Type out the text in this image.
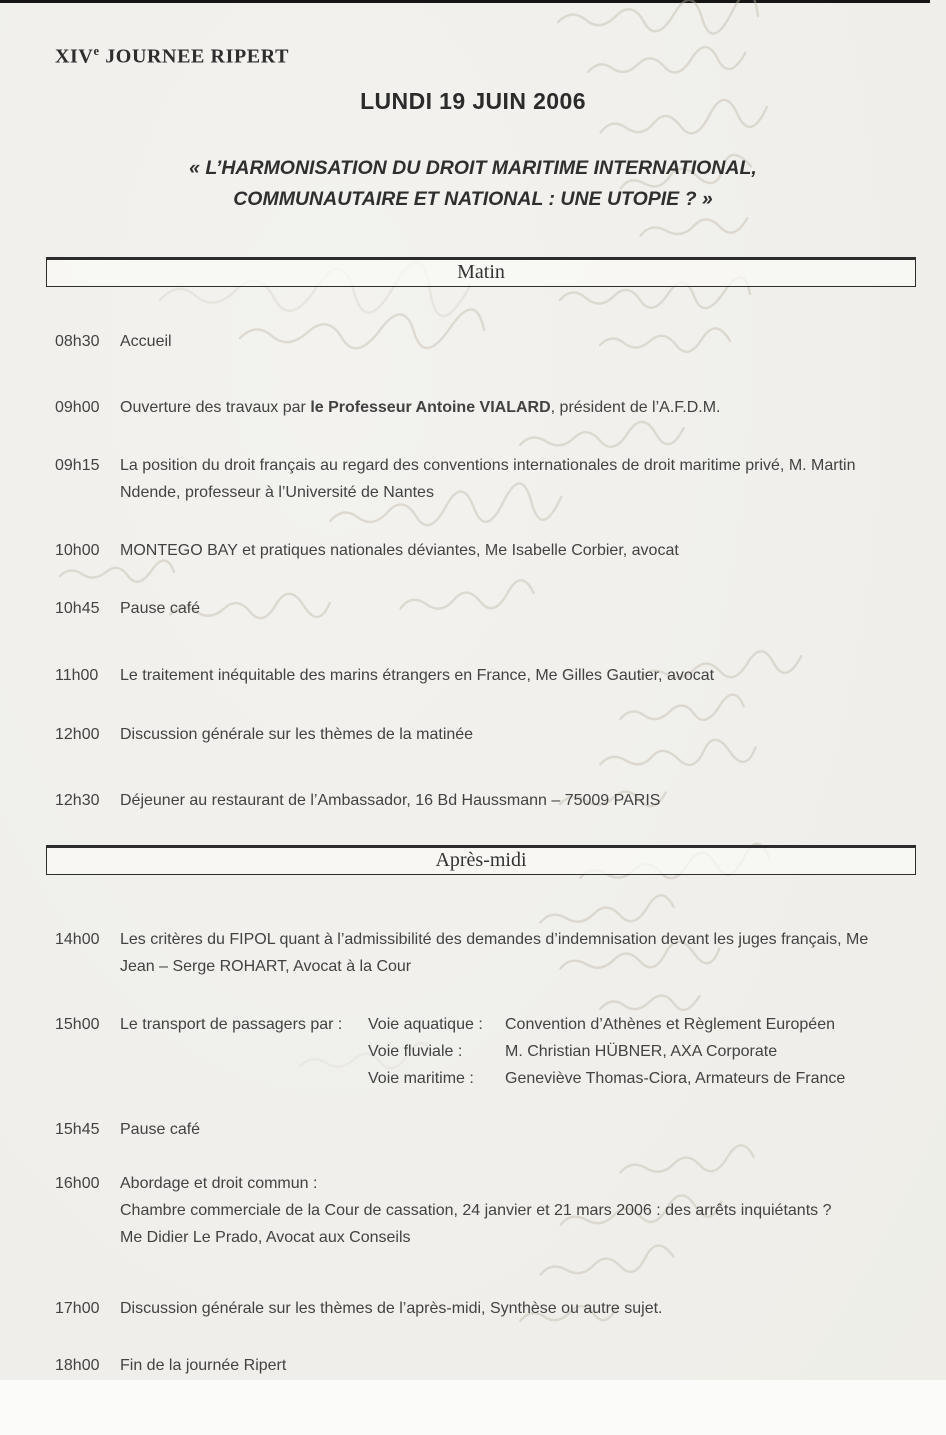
XIVe JOURNEE RIPERT
LUNDI 19 JUIN 2006
« L’HARMONISATION DU DROIT MARITIME INTERNATIONAL,
COMMUNAUTAIRE ET NATIONAL : UNE UTOPIE ? »
Matin
08h30	Accueil
09h00	Ouverture des travaux par le Professeur Antoine VIALARD, président de l’A.F.D.M.
09h15	La position du droit français au regard des conventions internationales de droit maritime privé, M. Martin Ndende, professeur à l’Université de Nantes
10h00	MONTEGO BAY et pratiques nationales déviantes, Me Isabelle Corbier, avocat
10h45	Pause café
11h00	Le traitement inéquitable des marins étrangers en France, Me Gilles Gautier, avocat
12h00	Discussion générale sur les thèmes de la matinée
12h30	Déjeuner au restaurant de l’Ambassador, 16 Bd Haussmann – 75009 PARIS
Après-midi
14h00	Les critères du FIPOL quant à l’admissibilité des demandes d’indemnisation devant les juges français, Me Jean – Serge ROHART, Avocat à la Cour
15h00	Le transport de passagers par :	Voie aquatique :	Convention d’Athènes et Règlement Européen
Voie fluviale :	M. Christian HÜBNER, AXA Corporate
Voie maritime :	Geneviève Thomas-Ciora, Armateurs de France
15h45	Pause café
16h00	Abordage et droit commun :
Chambre commerciale de la Cour de cassation, 24 janvier et 21 mars 2006 : des arrêts inquiétants ?
Me Didier Le Prado, Avocat aux Conseils
17h00	Discussion générale sur les thèmes de l’après-midi, Synthèse ou autre sujet.
18h00	Fin de la journée Ripert
